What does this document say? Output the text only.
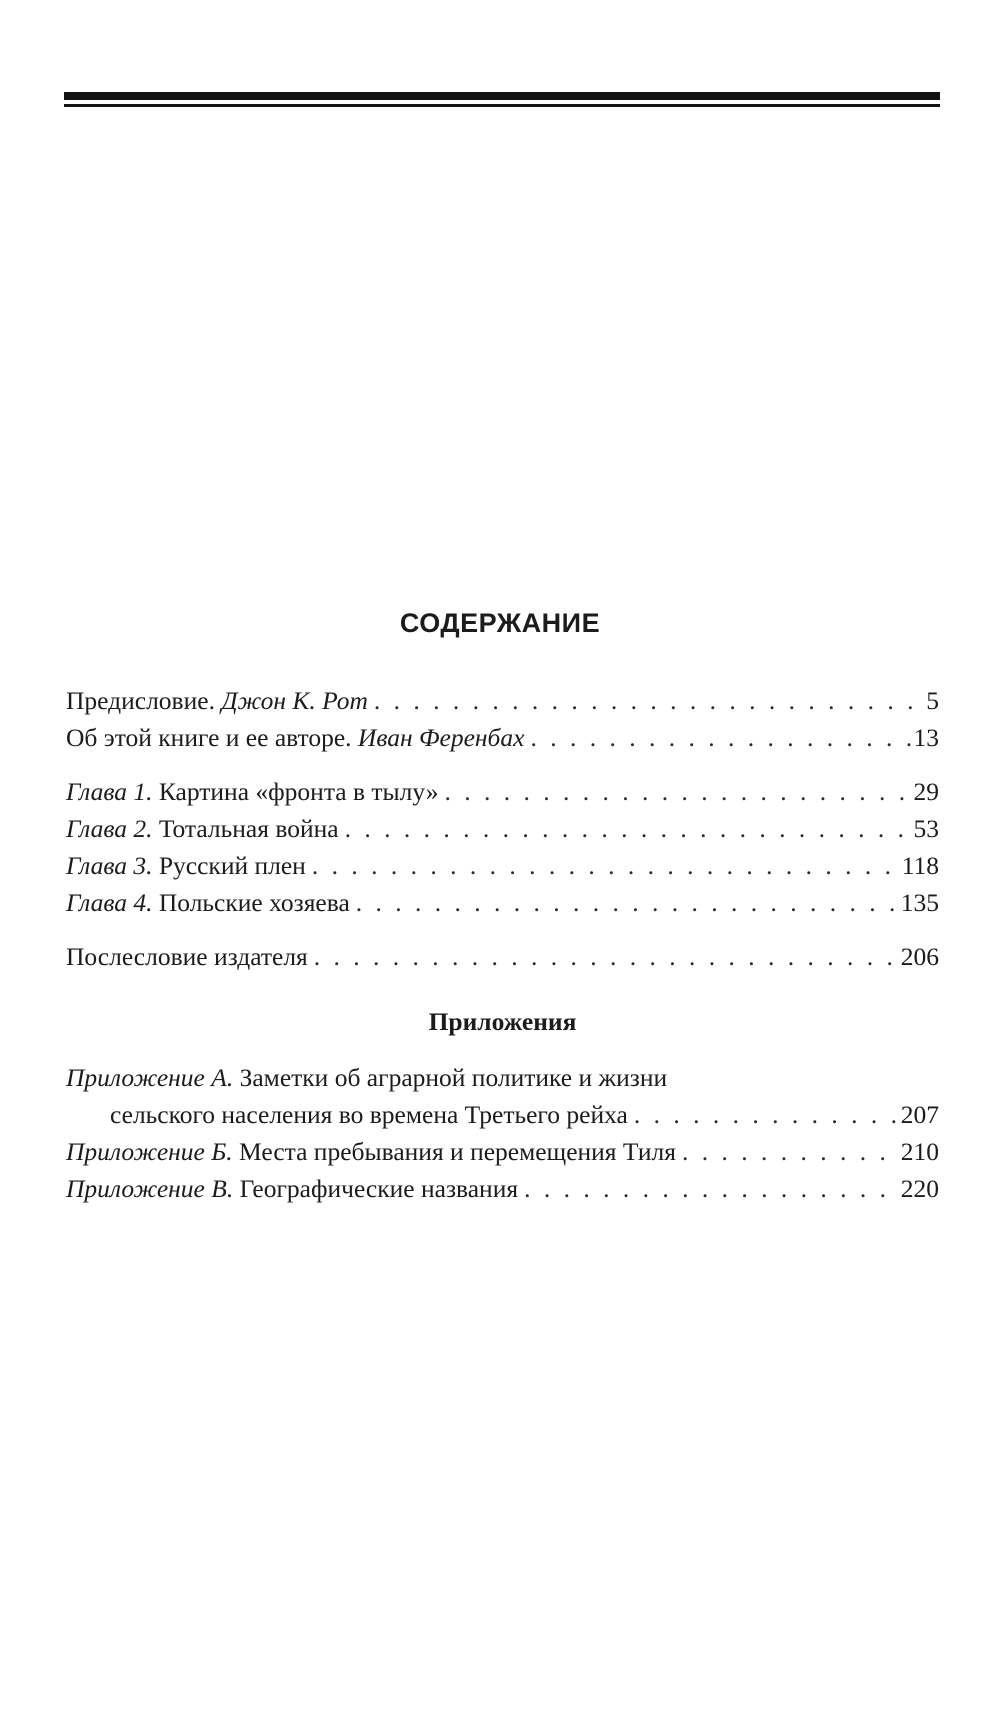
СОДЕРЖАНИЕ
Предисловие. Джон К. Рот . . .	5
Об этой книге и ее авторе. Иван Ференбах . . .	13
Глава 1. Картина «фронта в тылу» . . .	29
Глава 2. Тотальная война . . .	53
Глава 3. Русский плен . . .	118
Глава 4. Польские хозяева . . .	135
Послесловие издателя . . .	206
Приложения
Приложение А. Заметки об аграрной политике и жизни
сельского населения во времена Третьего рейха . . .	207
Приложение Б. Места пребывания и перемещения Тиля . . .	210
Приложение В. Географические названия . . .	220
